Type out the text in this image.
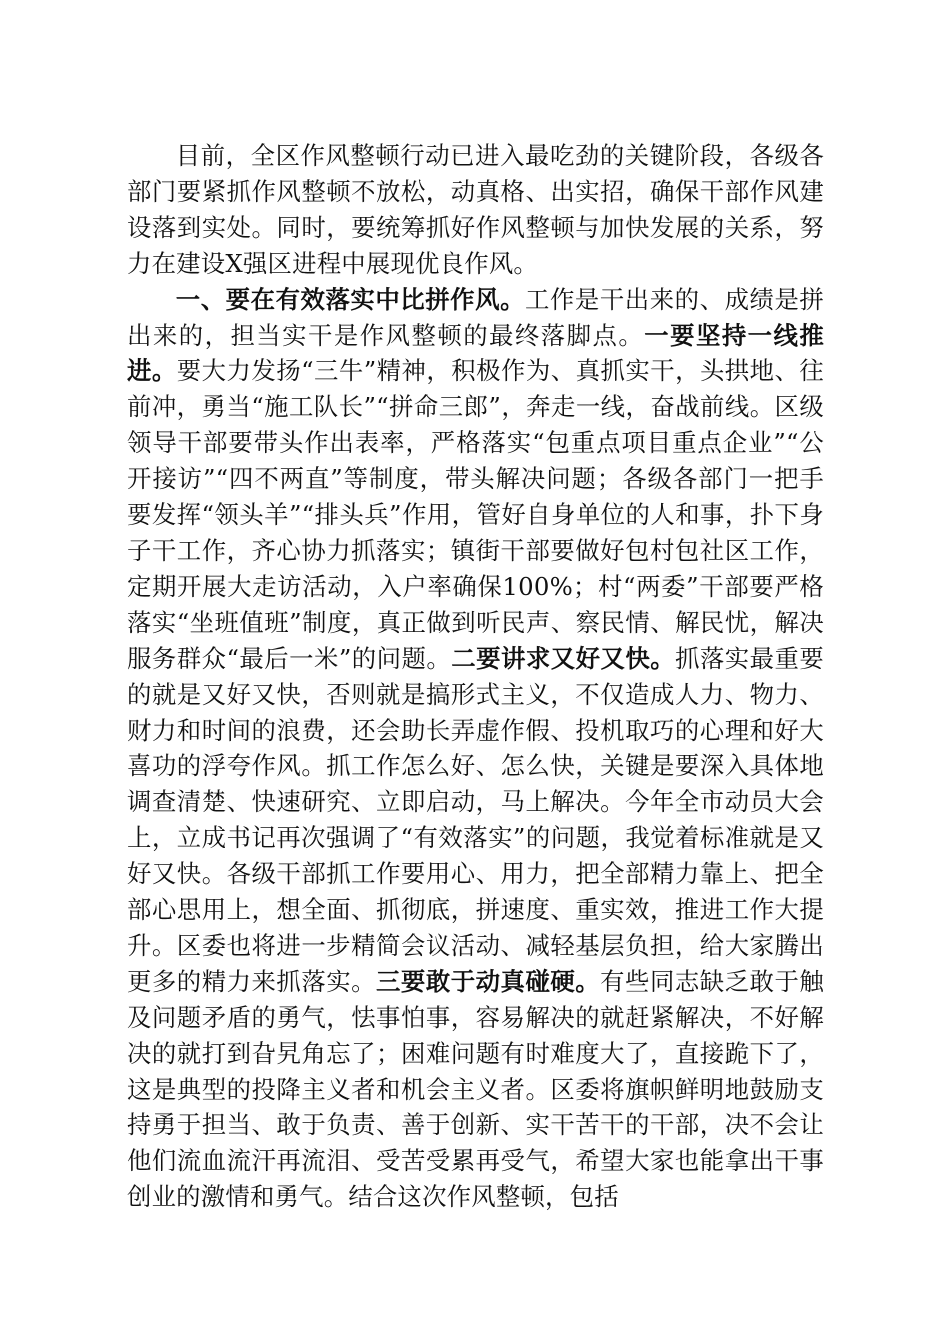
目前，全区作风整顿行动已进入最吃劲的关键阶段，各级各部门要紧抓作风整顿不放松，动真格、出实招，确保干部作风建设落到实处。同时，要统筹抓好作风整顿与加快发展的关系，努力在建设X强区进程中展现优良作风。

一、要在有效落实中比拼作风。工作是干出来的、成绩是拼出来的，担当实干是作风整顿的最终落脚点。一要坚持一线推进。要大力发扬“三牛”精神，积极作为、真抓实干，头拱地、往前冲，勇当“施工队长”“拼命三郎”，奔走一线，奋战前线。区级领导干部要带头作出表率，严格落实“包重点项目重点企业”“公开接访”“四不两直”等制度，带头解决问题；各级各部门一把手要发挥“领头羊”“排头兵”作用，管好自身单位的人和事，扑下身子干工作，齐心协力抓落实；镇街干部要做好包村包社区工作，定期开展大走访活动，入户率确保100%；村“两委”干部要严格落实“坐班值班”制度，真正做到听民声、察民情、解民忧，解决服务群众“最后一米”的问题。二要讲求又好又快。抓落实最重要的就是又好又快，否则就是搞形式主义，不仅造成人力、物力、财力和时间的浪费，还会助长弄虚作假、投机取巧的心理和好大喜功的浮夸作风。抓工作怎么好、怎么快，关键是要深入具体地调查清楚、快速研究、立即启动，马上解决。今年全市动员大会上，立成书记再次强调了“有效落实”的问题，我觉着标准就是又好又快。各级干部抓工作要用心、用力，把全部精力靠上、把全部心思用上，想全面、抓彻底，拼速度、重实效，推进工作大提升。区委也将进一步精简会议活动、减轻基层负担，给大家腾出更多的精力来抓落实。三要敢于动真碰硬。有些同志缺乏敢于触及问题矛盾的勇气，怯事怕事，容易解决的就赶紧解决，不好解决的就打到旮旯角忘了；困难问题有时难度大了，直接跪下了，这是典型的投降主义者和机会主义者。区委将旗帜鲜明地鼓励支持勇于担当、敢于负责、善于创新、实干苦干的干部，决不会让他们流血流汗再流泪、受苦受累再受气，希望大家也能拿出干事创业的激情和勇气。结合这次作风整顿，包括
